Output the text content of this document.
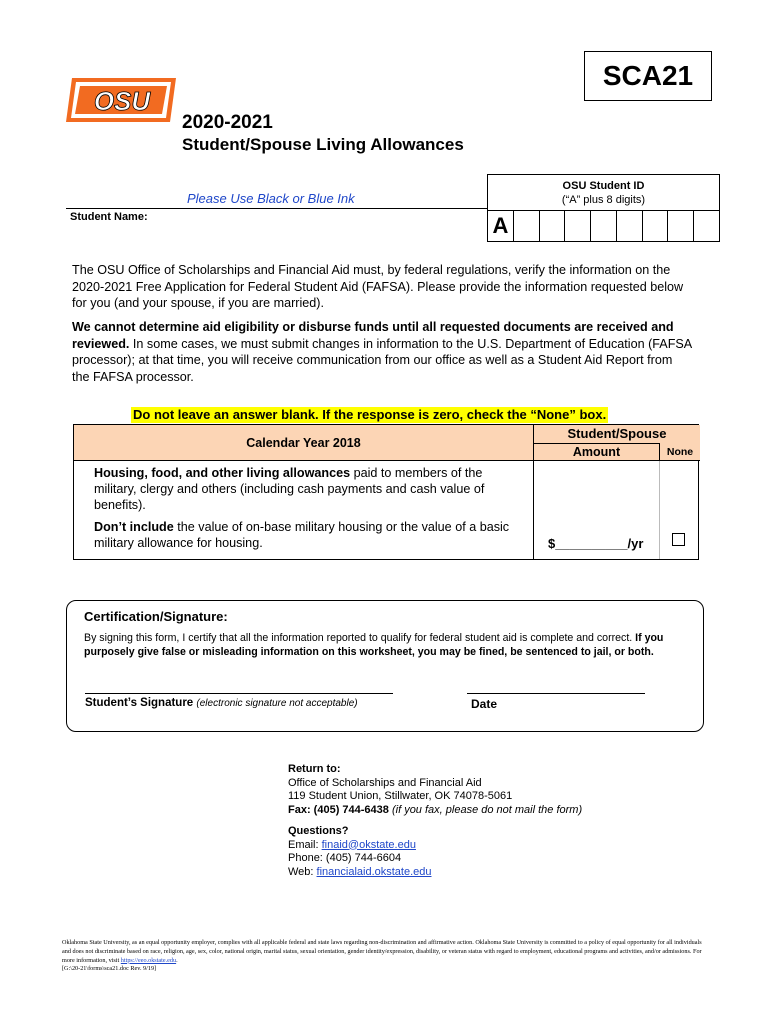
OSU
SCA21
2020-2021
Student/Spouse Living Allowances
Please Use Black or Blue Ink
OSU Student ID
(“A” plus 8 digits)
A
Student Name:
The OSU Office of Scholarships and Financial Aid must, by federal regulations, verify the information on the 2020-2021 Free Application for Federal Student Aid (FAFSA). Please provide the information requested below for you (and your spouse, if you are married).
We cannot determine aid eligibility or disburse funds until all requested documents are received and reviewed. In some cases, we must submit changes in information to the U.S. Department of Education (FAFSA processor); at that time, you will receive communication from our office as well as a Student Aid Report from the FAFSA processor.
Do not leave an answer blank. If the response is zero, check the “None” box.
Calendar Year 2018
Student/Spouse
Amount	None

Housing, food, and other living allowances paid to members of the military, clergy and others (including cash payments and cash value of benefits).

Don’t include the value of on-base military housing or the value of a basic military allowance for housing.	$__________/yr
Certification/Signature:
By signing this form, I certify that all the information reported to qualify for federal student aid is complete and correct. If you purposely give false or misleading information on this worksheet, you may be fined, be sentenced to jail, or both.
Student’s Signature (electronic signature not acceptable)	Date
Return to:
Office of Scholarships and Financial Aid
119 Student Union, Stillwater, OK 74078-5061
Fax: (405) 744-6438 (if you fax, please do not mail the form)
Questions?
Email: finaid@okstate.edu
Phone: (405) 744-6604
Web: financialaid.okstate.edu
Oklahoma State University, as an equal opportunity employer, complies with all applicable federal and state laws regarding non-discrimination and affirmative action. Oklahoma State University is committed to a policy of equal opportunity for all individuals and does not discriminate based on race, religion, age, sex, color, national origin, marital status, sexual orientation, gender identity/expression, disability, or veteran status with regard to employment, educational programs and activities, and/or admissions. For more information, visit https://eeo.okstate.edu.
[G:\20-21\forms\sca21.doc Rev. 9/19]
